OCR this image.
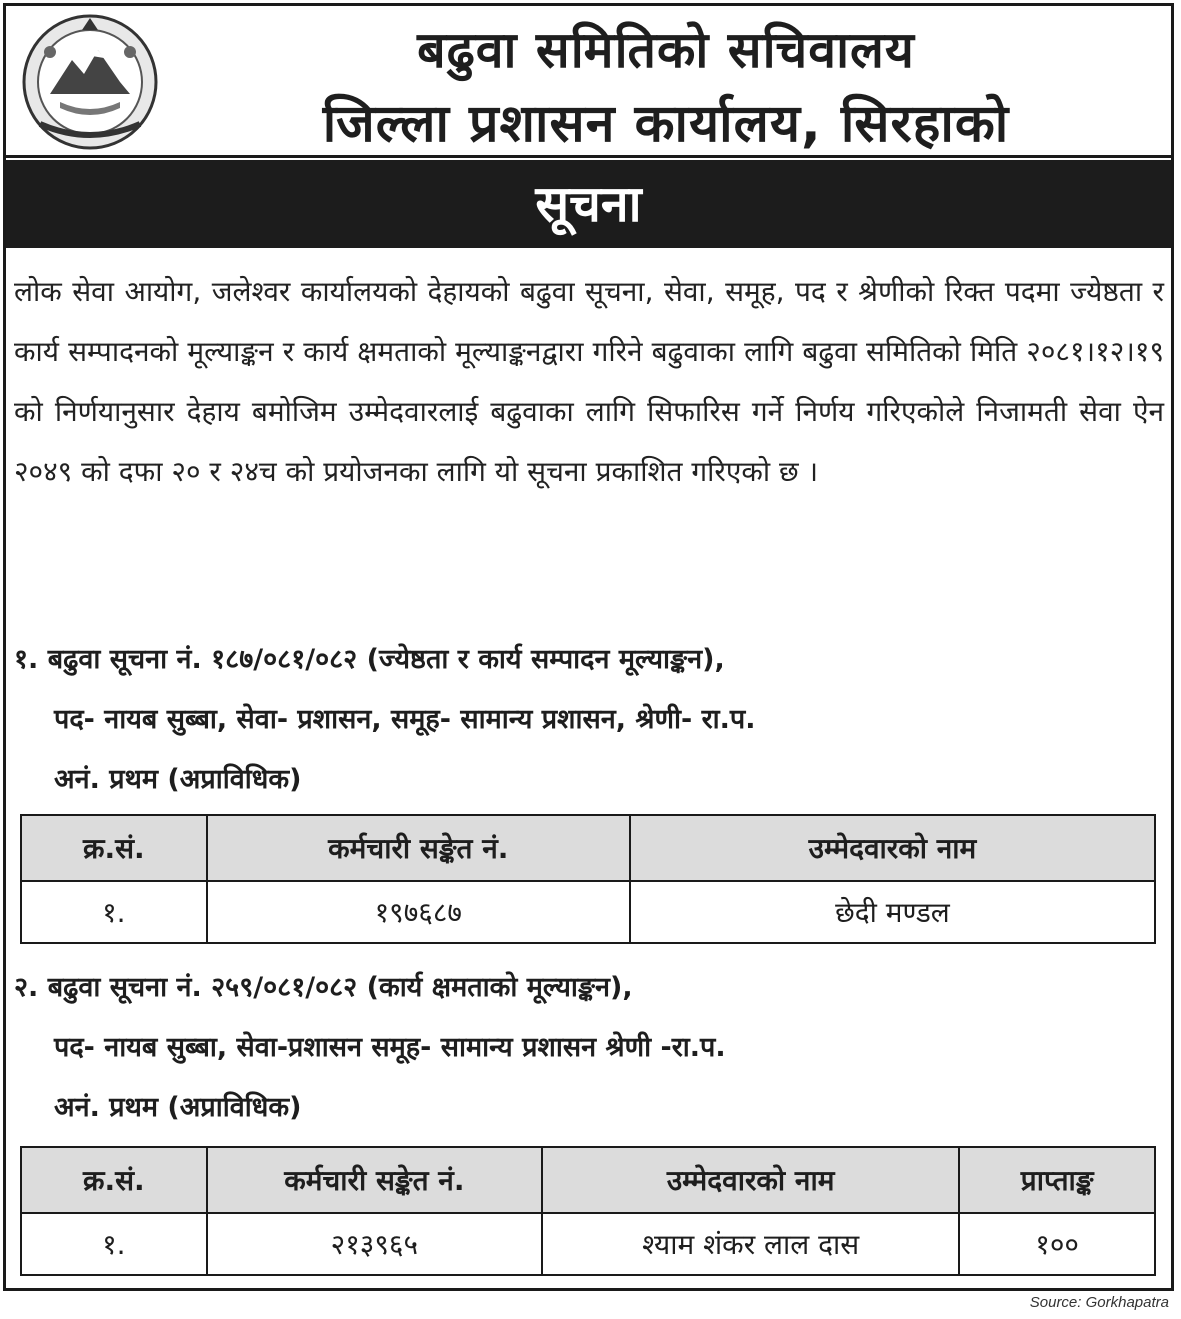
बढुवा समितिको सचिवालय
जिल्ला प्रशासन कार्यालय, सिरहाको
सूचना
लोक सेवा आयोग, जलेश्वर कार्यालयको देहायको बढुवा सूचना, सेवा, समूह, पद र श्रेणीको रिक्त पदमा ज्येष्ठता र कार्य सम्पादनको मूल्याङ्कन र कार्य क्षमताको मूल्याङ्कनद्वारा गरिने बढुवाका लागि बढुवा समितिको मिति २०८१।१२।१९ को निर्णयानुसार देहाय बमोजिम उम्मेदवारलाई बढुवाका लागि सिफारिस गर्ने निर्णय गरिएकोले निजामती सेवा ऐन २०४९ को दफा २० र २४च को प्रयोजनका लागि यो सूचना प्रकाशित गरिएको छ ।
१. बढुवा सूचना नं. १८७/०८१/०८२ (ज्येष्ठता र कार्य सम्पादन मूल्याङ्कन),
पद- नायब सुब्बा, सेवा- प्रशासन, समूह- सामान्य प्रशासन, श्रेणी- रा.प.
अनं. प्रथम (अप्राविधिक)
क्र.सं.	कर्मचारी सङ्केत नं.	उम्मेदवारको नाम
१.	१९७६८७	छेदी मण्डल
२. बढुवा सूचना नं. २५९/०८१/०८२ (कार्य क्षमताको मूल्याङ्कन),
पद- नायब सुब्बा, सेवा-प्रशासन समूह- सामान्य प्रशासन श्रेणी -रा.प.
अनं. प्रथम (अप्राविधिक)
क्र.सं.	कर्मचारी सङ्केत नं.	उम्मेदवारको नाम	प्राप्ताङ्क
१.	२१३९६५	श्याम शंकर लाल दास	१००
Source: Gorkhapatra
